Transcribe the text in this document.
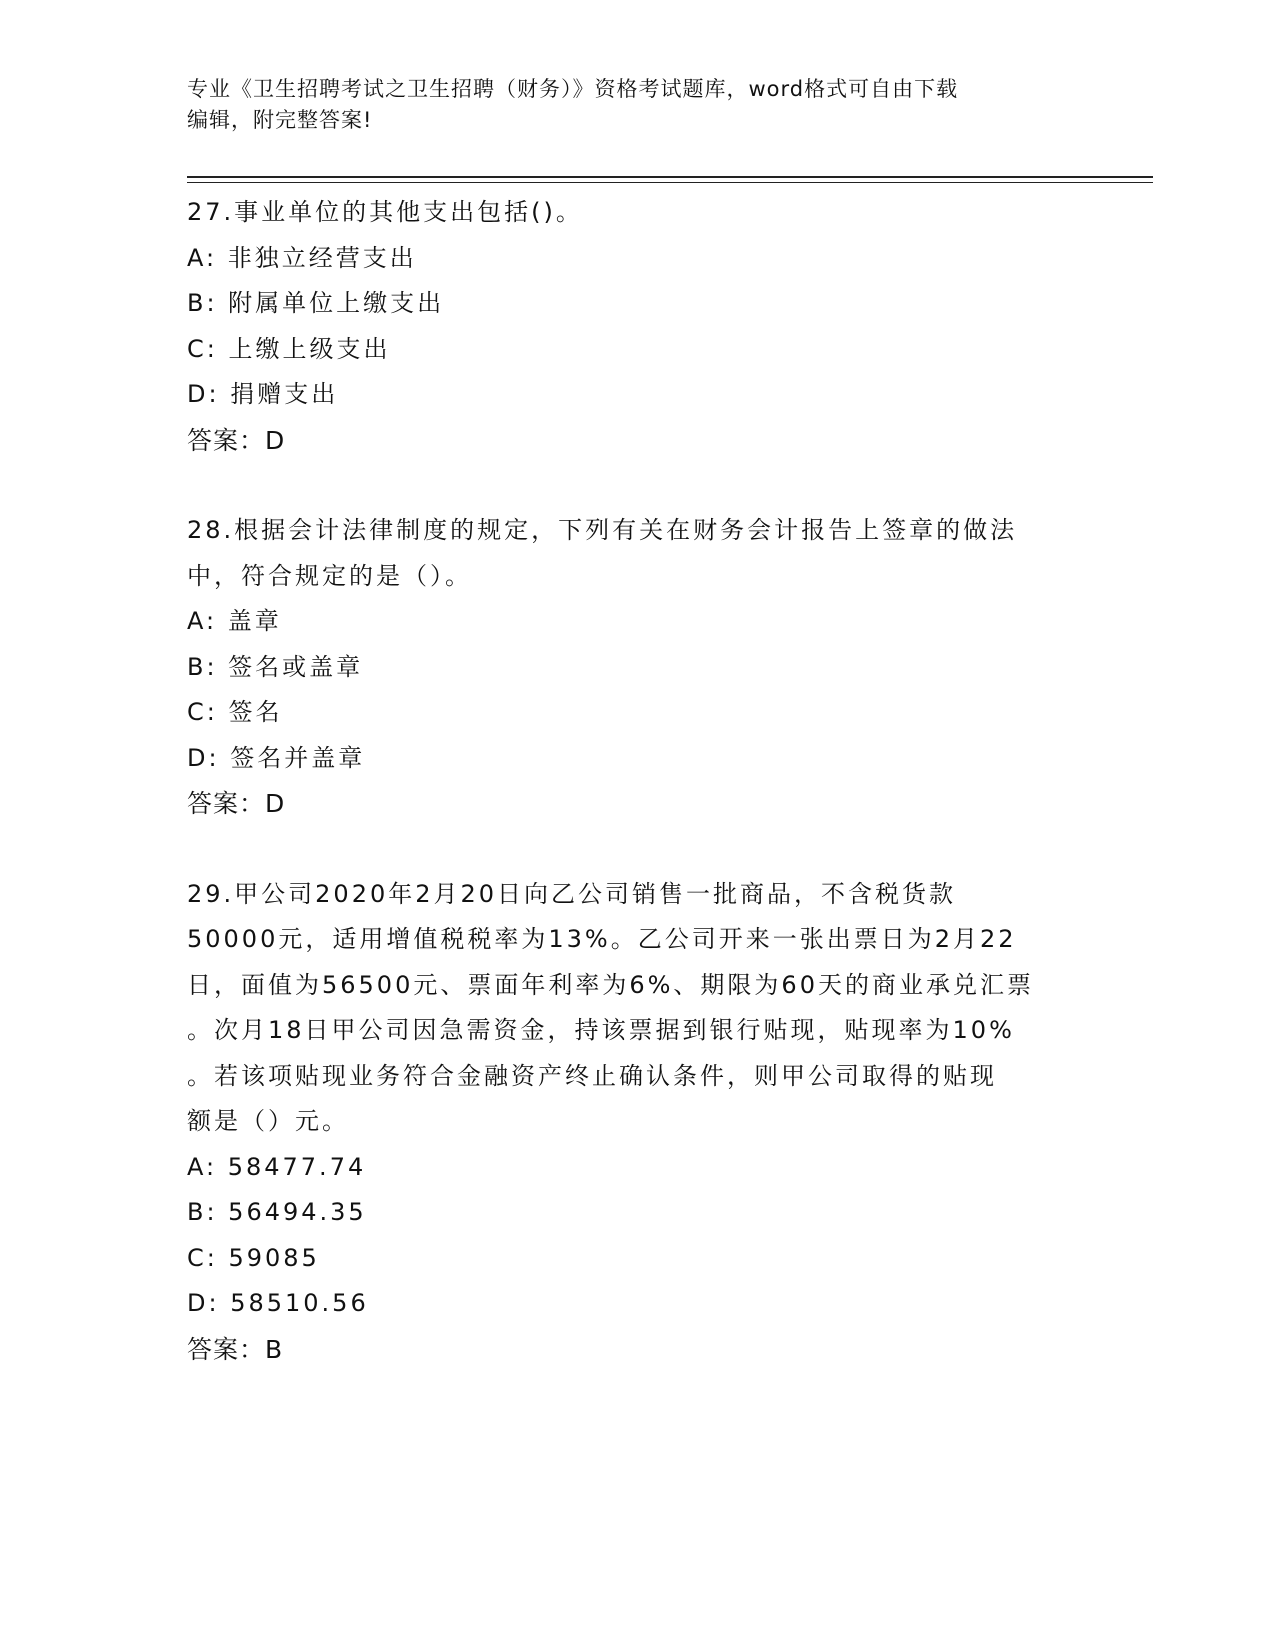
专业《卫生招聘考试之卫生招聘（财务）》资格考试题库，word格式可自由下载
编辑，附完整答案!
27.事业单位的其他支出包括()。
A: 非独立经营支出
B: 附属单位上缴支出
C: 上缴上级支出
D: 捐赠支出
答案：D
28.根据会计法律制度的规定，下列有关在财务会计报告上签章的做法
中，符合规定的是（）。
A: 盖章
B: 签名或盖章
C: 签名
D: 签名并盖章
答案：D
29.甲公司2020年2月20日向乙公司销售一批商品，不含税货款
50000元，适用增值税税率为13%。乙公司开来一张出票日为2月22
日，面值为56500元、票面年利率为6%、期限为60天的商业承兑汇票
。次月18日甲公司因急需资金，持该票据到银行贴现，贴现率为10%
。若该项贴现业务符合金融资产终止确认条件，则甲公司取得的贴现
额是（）元。
A: 58477.74
B: 56494.35
C: 59085
D: 58510.56
答案：B
